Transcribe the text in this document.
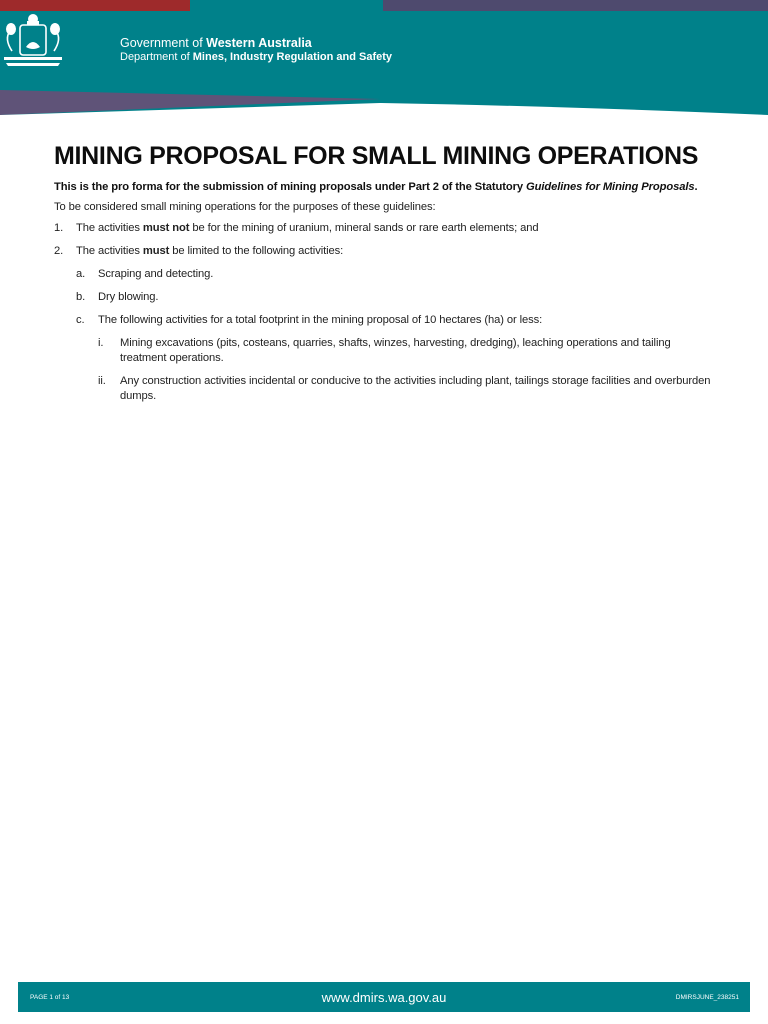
Government of Western Australia
Department of Mines, Industry Regulation and Safety
MINING PROPOSAL FOR SMALL MINING OPERATIONS

This is the pro forma for the submission of mining proposals under Part 2 of the Statutory Guidelines for Mining Proposals.

To be considered small mining operations for the purposes of these guidelines:

1. The activities must not be for the mining of uranium, mineral sands or rare earth elements; and
2. The activities must be limited to the following activities:
a. Scraping and detecting.
b. Dry blowing.
c. The following activities for a total footprint in the mining proposal of 10 hectares (ha) or less:
i. Mining excavations (pits, costeans, quarries, shafts, winzes, harvesting, dredging), leaching operations and tailing treatment operations.
ii. Any construction activities incidental or conducive to the activities including plant, tailings storage facilities and overburden dumps.
PAGE 1 of 13	www.dmirs.wa.gov.au	DMIRSJUNE_238251
